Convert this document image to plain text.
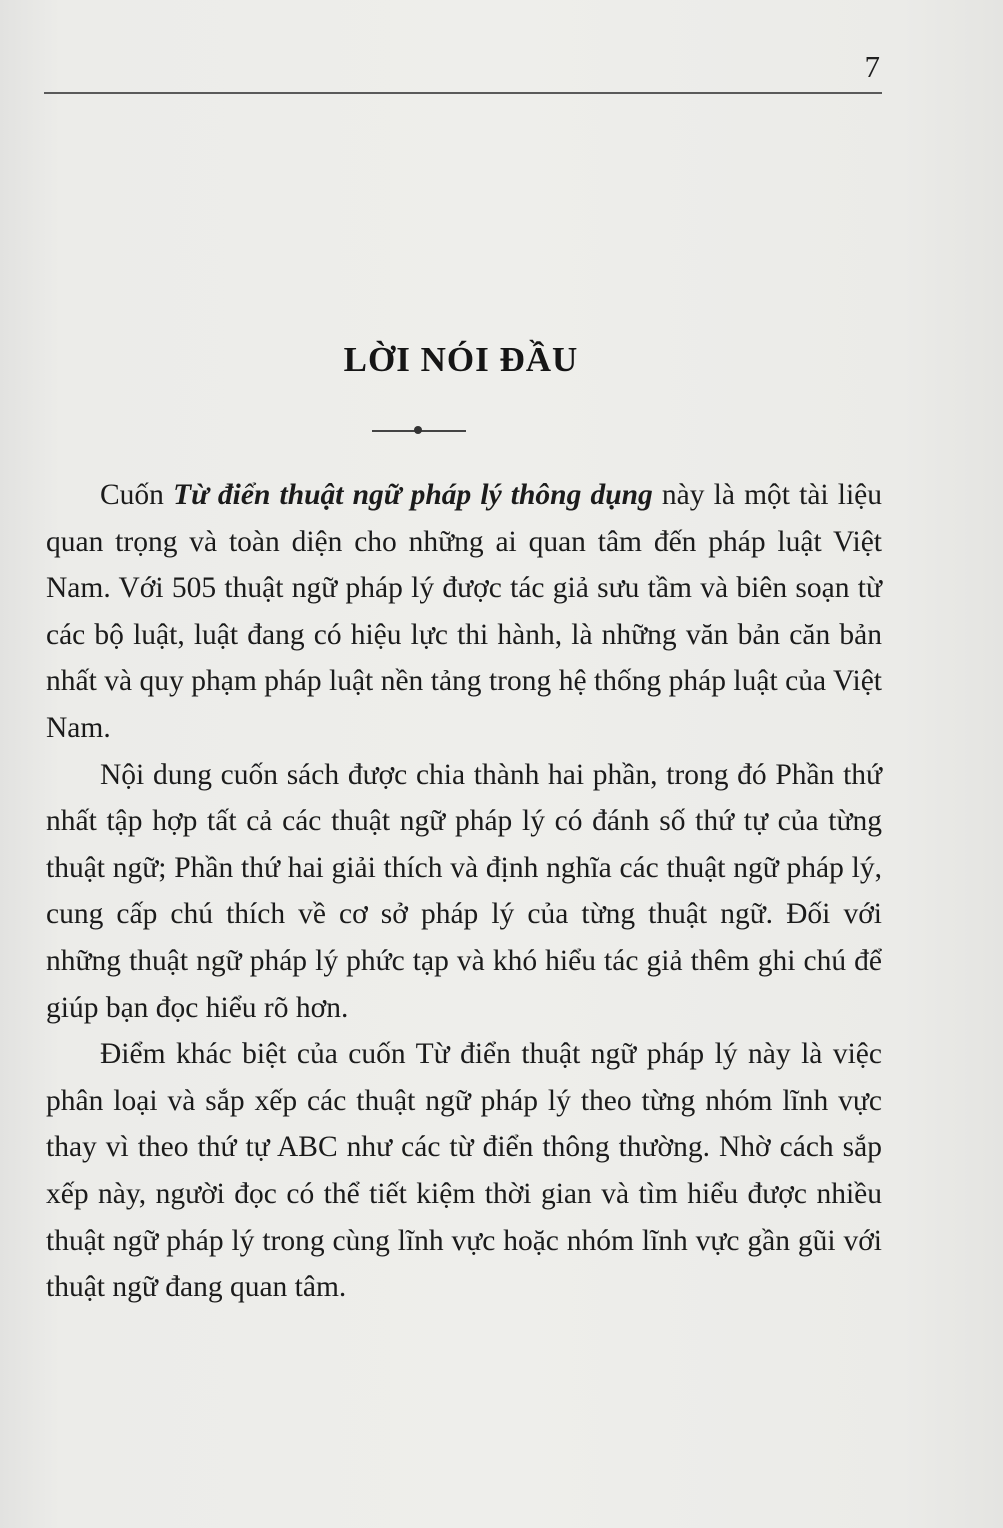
7
LỜI NÓI ĐẦU

Cuốn Từ điển thuật ngữ pháp lý thông dụng này là một tài liệu quan trọng và toàn diện cho những ai quan tâm đến pháp luật Việt Nam. Với 505 thuật ngữ pháp lý được tác giả sưu tầm và biên soạn từ các bộ luật, luật đang có hiệu lực thi hành, là những văn bản căn bản nhất và quy phạm pháp luật nền tảng trong hệ thống pháp luật của Việt Nam.

Nội dung cuốn sách được chia thành hai phần, trong đó Phần thứ nhất tập hợp tất cả các thuật ngữ pháp lý có đánh số thứ tự của từng thuật ngữ; Phần thứ hai giải thích và định nghĩa các thuật ngữ pháp lý, cung cấp chú thích về cơ sở pháp lý của từng thuật ngữ. Đối với những thuật ngữ pháp lý phức tạp và khó hiểu tác giả thêm ghi chú để giúp bạn đọc hiểu rõ hơn.

Điểm khác biệt của cuốn Từ điển thuật ngữ pháp lý này là việc phân loại và sắp xếp các thuật ngữ pháp lý theo từng nhóm lĩnh vực thay vì theo thứ tự ABC như các từ điển thông thường. Nhờ cách sắp xếp này, người đọc có thể tiết kiệm thời gian và tìm hiểu được nhiều thuật ngữ pháp lý trong cùng lĩnh vực hoặc nhóm lĩnh vực gần gũi với thuật ngữ đang quan tâm.
